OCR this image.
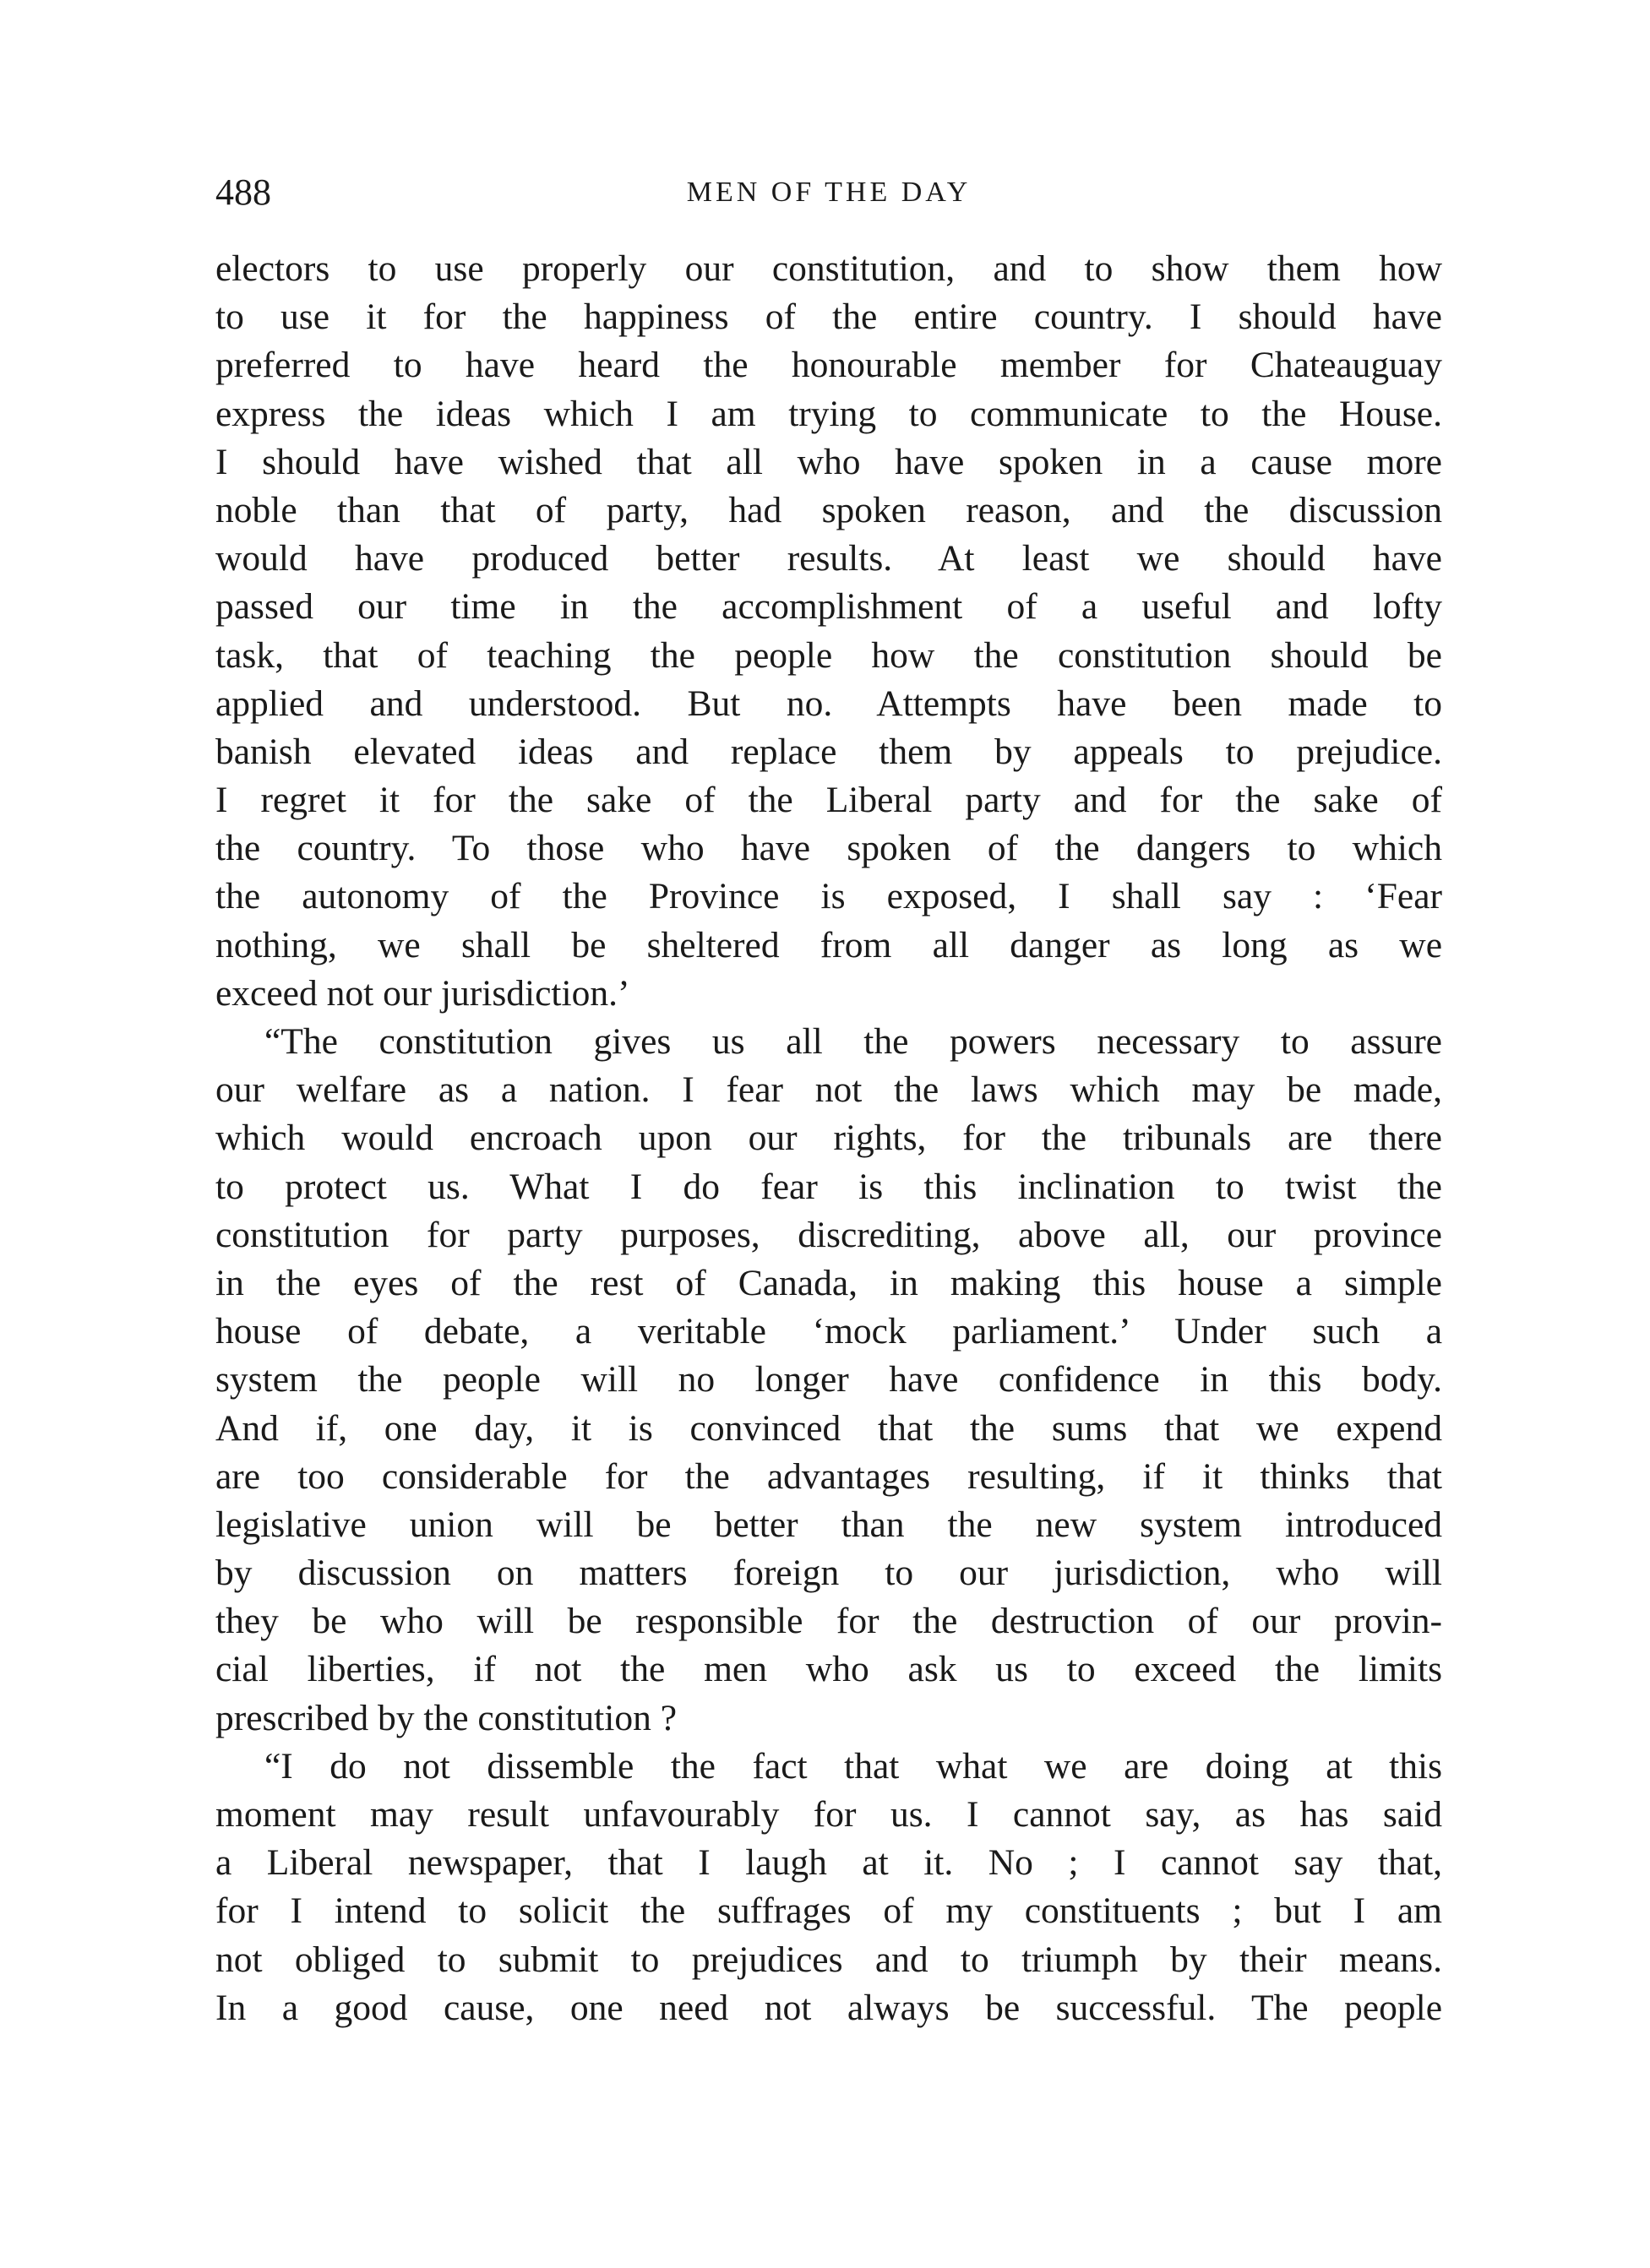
488	MEN OF THE DAY
electors to use properly our constitution, and to show them how
to use it for the happiness of the entire country. I should have
preferred to have heard the honourable member for Chateauguay
express the ideas which I am trying to communicate to the House.
I should have wished that all who have spoken in a cause more
noble than that of party, had spoken reason, and the discussion
would have produced better results. At least we should have
passed our time in the accomplishment of a useful and lofty
task, that of teaching the people how the constitution should be
applied and understood. But no. Attempts have been made to
banish elevated ideas and replace them by appeals to prejudice.
I regret it for the sake of the Liberal party and for the sake of
the country. To those who have spoken of the dangers to which
the autonomy of the Province is exposed, I shall say : ‘Fear
nothing, we shall be sheltered from all danger as long as we
exceed not our jurisdiction.’
“The constitution gives us all the powers necessary to assure
our welfare as a nation. I fear not the laws which may be made,
which would encroach upon our rights, for the tribunals are there
to protect us. What I do fear is this inclination to twist the
constitution for party purposes, discrediting, above all, our province
in the eyes of the rest of Canada, in making this house a simple
house of debate, a veritable ‘mock parliament.’ Under such a
system the people will no longer have confidence in this body.
And if, one day, it is convinced that the sums that we expend
are too considerable for the advantages resulting, if it thinks that
legislative union will be better than the new system introduced
by discussion on matters foreign to our jurisdiction, who will
they be who will be responsible for the destruction of our provin-
cial liberties, if not the men who ask us to exceed the limits
prescribed by the constitution ?
“I do not dissemble the fact that what we are doing at this
moment may result unfavourably for us. I cannot say, as has said
a Liberal newspaper, that I laugh at it. No ; I cannot say that,
for I intend to solicit the suffrages of my constituents ; but I am
not obliged to submit to prejudices and to triumph by their means.
In a good cause, one need not always be successful. The people
